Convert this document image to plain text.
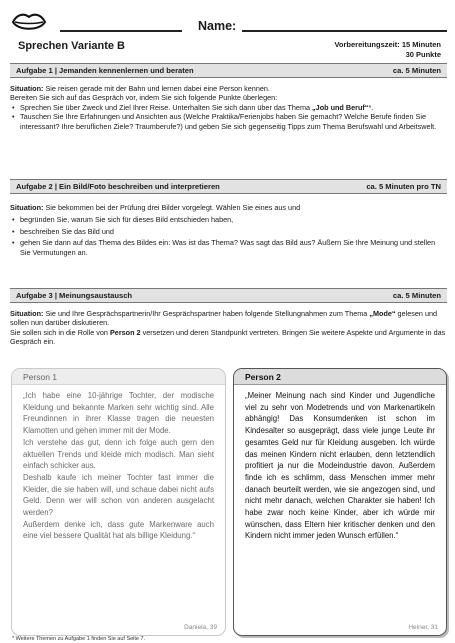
Name:
Sprechen Variante B	Vorbereitungszeit: 15 Minuten
30 Punkte
Aufgabe 1 | Jemanden kennenlernen und beraten	ca. 5 Minuten
Situation: Sie reisen gerade mit der Bahn und lernen dabei eine Person kennen.
Bereiten Sie sich auf das Gespräch vor, indem Sie sich folgende Punkte überlegen:
• Sprechen Sie über Zweck und Ziel Ihrer Reise. Unterhalten Sie sich dann über das Thema „Job und Beruf“*.
• Tauschen Sie Ihre Erfahrungen und Ansichten aus (Welche Praktika/Ferienjobs haben Sie gemacht? Welche Berufe finden Sie interessant? Ihre beruflichen Ziele? Traumberufe?) und geben Sie sich gegenseitig Tipps zum Thema Berufswahl und Arbeitswelt.
Aufgabe 2 | Ein Bild/Foto beschreiben und interpretieren	ca. 5 Minuten pro TN
Situation: Sie bekommen bei der Prüfung drei Bilder vorgelegt. Wählen Sie eines aus und
• begründen Sie, warum Sie sich für dieses Bild entschieden haben,
• beschreiben Sie das Bild und
• gehen Sie dann auf das Thema des Bildes ein: Was ist das Thema? Was sagt das Bild aus? Äußern Sie Ihre Meinung und stellen Sie Vermutungen an.
Aufgabe 3 | Meinungsaustausch	ca. 5 Minuten
Situation: Sie und Ihre Gesprächspartnerin/Ihr Gesprächspartner haben folgende Stellungnahmen zum Thema „Mode“ gelesen und sollen nun darüber diskutieren.
Sie sollen sich in die Rolle von Person 2 versetzen und deren Standpunkt vertreten. Bringen Sie weitere Aspekte und Argumente in das Gespräch ein.
Person 1
„Ich habe eine 10-jährige Tochter, der modische Kleidung und bekannte Marken sehr wichtig sind. Alle Freundinnen in ihrer Klasse tragen die neuesten Klamotten und gehen immer mit der Mode.
Ich verstehe das gut, denn ich folge auch gern den aktuellen Trends und kleide mich modisch. Man sieht einfach schicker aus.
Deshalb kaufe ich meiner Tochter fast immer die Kleider, die sie haben will, und schaue dabei nicht aufs Geld. Denn wer will schon von anderen ausgelacht werden?
Außerdem denke ich, dass gute Markenware auch eine viel bessere Qualität hat als billige Kleidung.“
Daniela, 39
Person 2
„Meiner Meinung nach sind Kinder und Jugendliche viel zu sehr von Modetrends und von Markenartikeln abhängig! Das Konsumdenken ist schon im Kindesalter so ausgeprägt, dass viele junge Leute ihr gesamtes Geld nur für Kleidung ausgeben. Ich würde das meinen Kindern nicht erlauben, denn letztendlich profitiert ja nur die Modeindustrie davon. Außerdem finde ich es schlimm, dass Menschen immer mehr danach beurteilt werden, wie sie angezogen sind, und nicht mehr danach, welchen Charakter sie haben! Ich habe zwar noch keine Kinder, aber ich würde mir wünschen, dass Eltern hier kritischer denken und den Kindern nicht immer jeden Wunsch erfüllen.“
Heiner, 31
* Weitere Themen zu Aufgabe 1 finden Sie auf Seite 7.
